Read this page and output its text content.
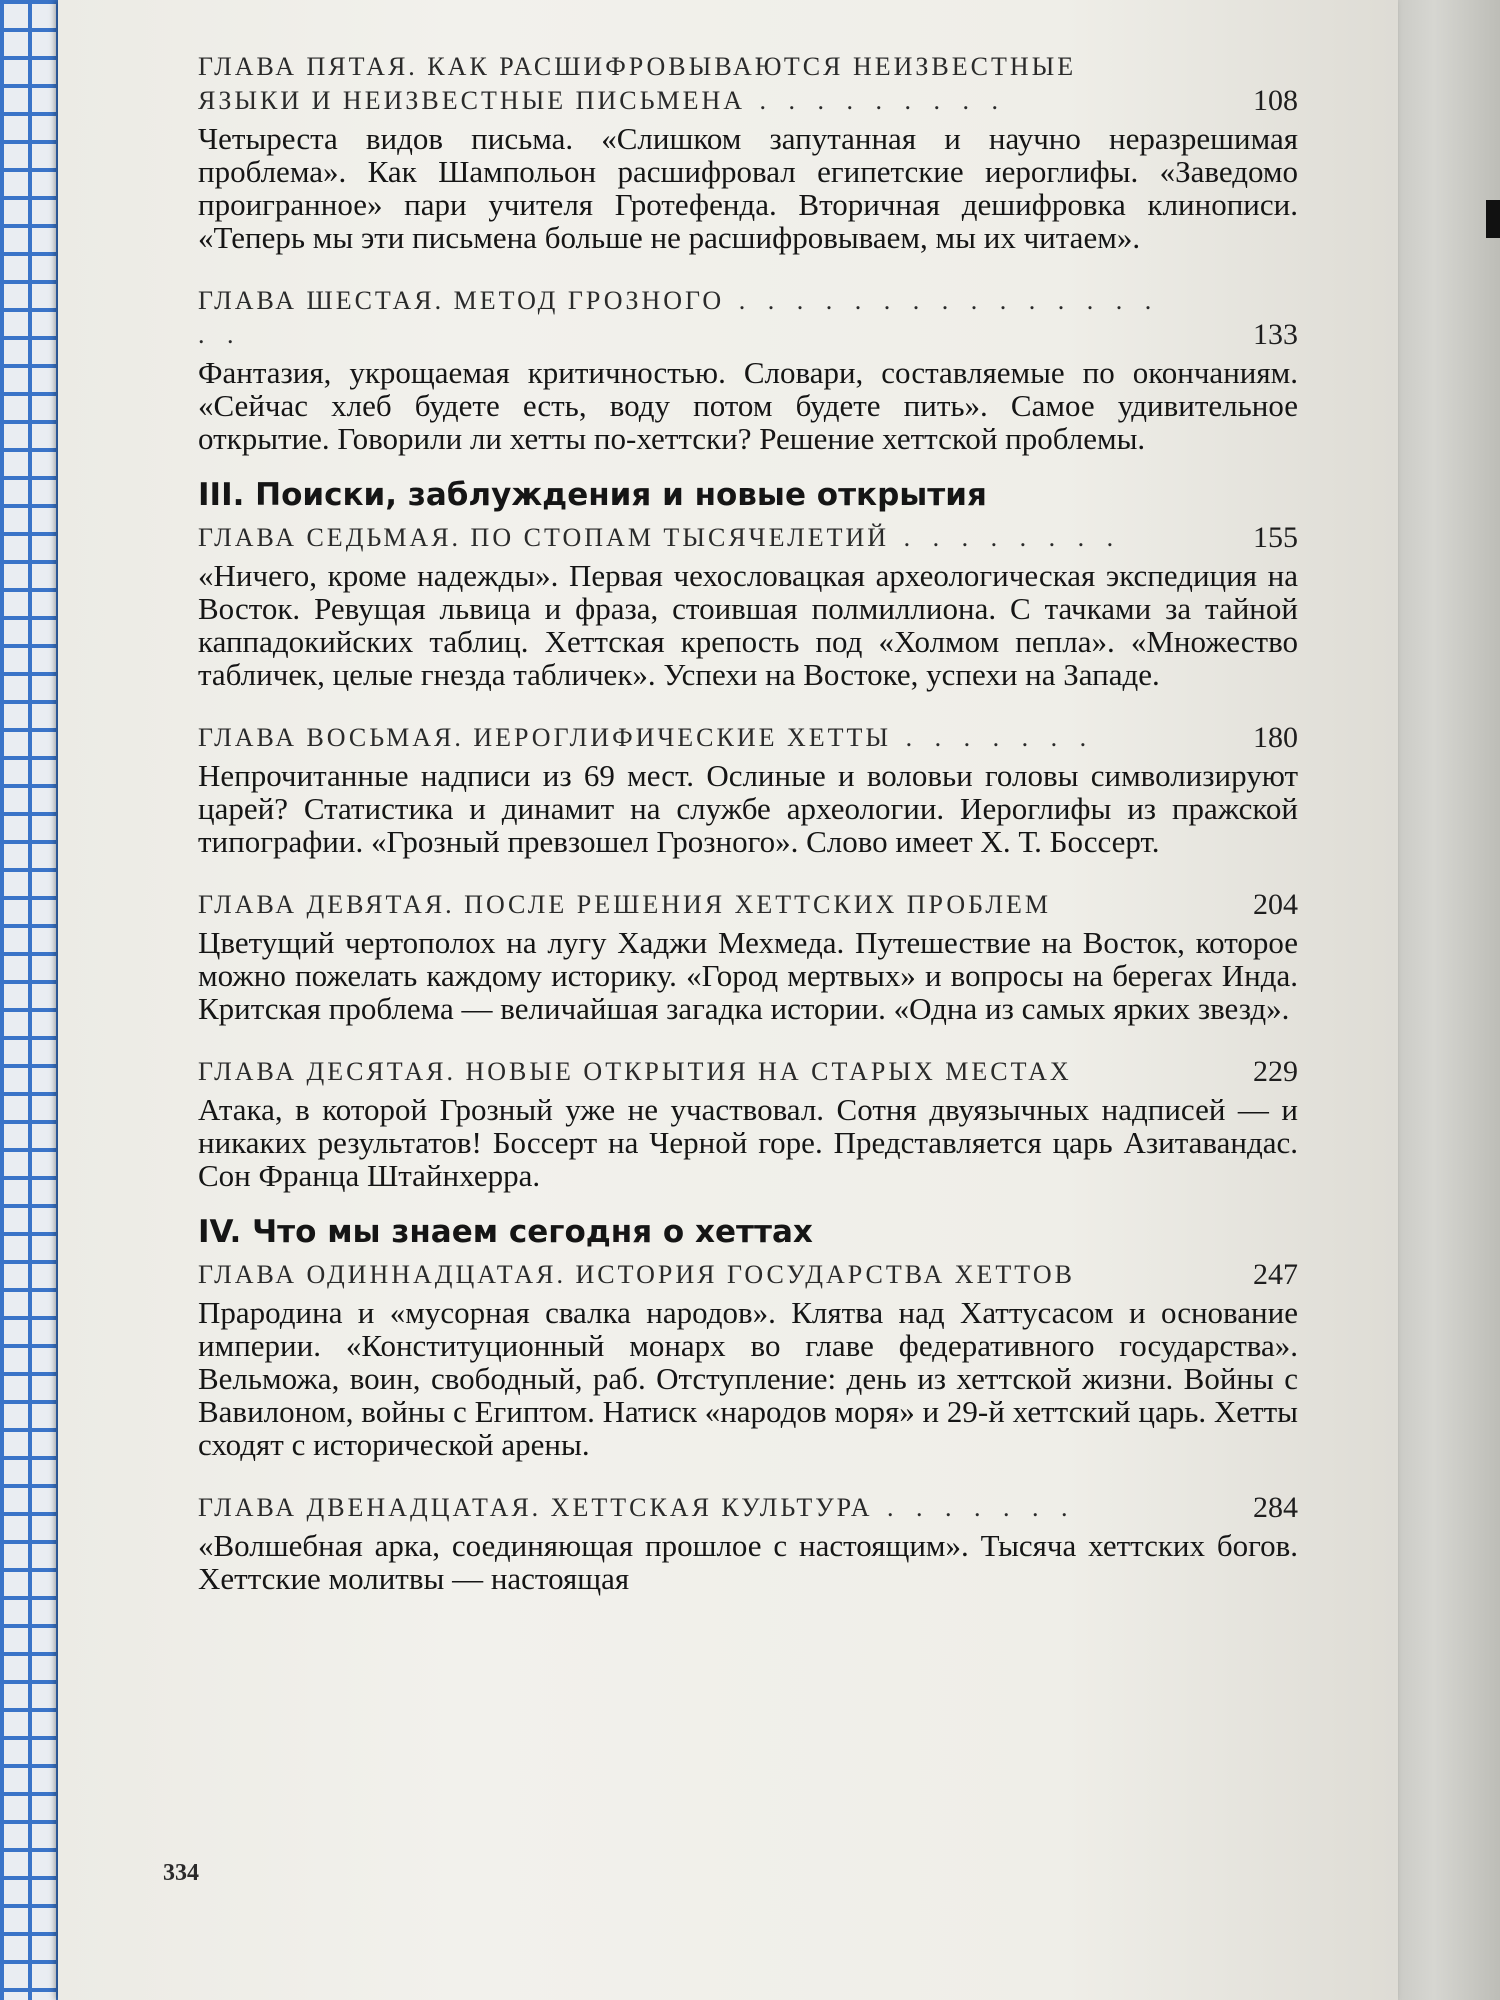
ГЛАВА ПЯТАЯ. КАК РАСШИФРОВЫВАЮТСЯ НЕИЗВЕСТНЫЕ ЯЗЫКИ И НЕИЗВЕСТНЫЕ ПИСЬМЕНА . . . . . . . . .	108
Четыреста видов письма. «Слишком запутанная и научно неразрешимая проблема». Как Шампольон расшифровал египетские иероглифы. «Заведомо проигранное» пари учителя Гротефенда. Вторичная дешифровка клинописи. «Теперь мы эти письмена больше не расшифровываем, мы их читаем».
ГЛАВА ШЕСТАЯ. МЕТОД ГРОЗНОГО . . . . . . . . . . . . . . . . .	133
Фантазия, укрощаемая критичностью. Словари, составляемые по окончаниям. «Сейчас хлеб будете есть, воду потом будете пить». Самое удивительное открытие. Говорили ли хетты по-хеттски? Решение хеттской проблемы.
III. Поиски, заблуждения и новые открытия
ГЛАВА СЕДЬМАЯ. ПО СТОПАМ ТЫСЯЧЕЛЕТИЙ . . . . . . . .	155
«Ничего, кроме надежды». Первая чехословацкая археологическая экспедиция на Восток. Ревущая львица и фраза, стоившая полмиллиона. С тачками за тайной каппадокийских таблиц. Хеттская крепость под «Холмом пепла». «Множество табличек, целые гнезда табличек». Успехи на Востоке, успехи на Западе.
ГЛАВА ВОСЬМАЯ. ИЕРОГЛИФИЧЕСКИЕ ХЕТТЫ . . . . . . .	180
Непрочитанные надписи из 69 мест. Ослиные и воловьи головы символизируют царей? Статистика и динамит на службе археологии. Иероглифы из пражской типографии. «Грозный превзошел Грозного». Слово имеет Х. Т. Боссерт.
ГЛАВА ДЕВЯТАЯ. ПОСЛЕ РЕШЕНИЯ ХЕТТСКИХ ПРОБЛЕМ	204
Цветущий чертополох на лугу Хаджи Мехмеда. Путешествие на Восток, которое можно пожелать каждому историку. «Город мертвых» и вопросы на берегах Инда. Критская проблема — величайшая загадка истории. «Одна из самых ярких звезд».
ГЛАВА ДЕСЯТАЯ. НОВЫЕ ОТКРЫТИЯ НА СТАРЫХ МЕСТАХ	229
Атака, в которой Грозный уже не участвовал. Сотня двуязычных надписей — и никаких результатов! Боссерт на Черной горе. Представляется царь Азитавандас. Сон Франца Штайнхерра.
IV. Что мы знаем сегодня о хеттах
ГЛАВА ОДИННАДЦАТАЯ. ИСТОРИЯ ГОСУДАРСТВА ХЕТТОВ	247
Прародина и «мусорная свалка народов». Клятва над Хаттусасом и основание империи. «Конституционный монарх во главе федеративного государства». Вельможа, воин, свободный, раб. Отступление: день из хеттской жизни. Войны с Вавилоном, войны с Египтом. Натиск «народов моря» и 29-й хеттский царь. Хетты сходят с исторической арены.
ГЛАВА ДВЕНАДЦАТАЯ. ХЕТТСКАЯ КУЛЬТУРА . . . . . . .	284
«Волшебная арка, соединяющая прошлое с настоящим». Тысяча хеттских богов. Хеттские молитвы — настоящая
334
